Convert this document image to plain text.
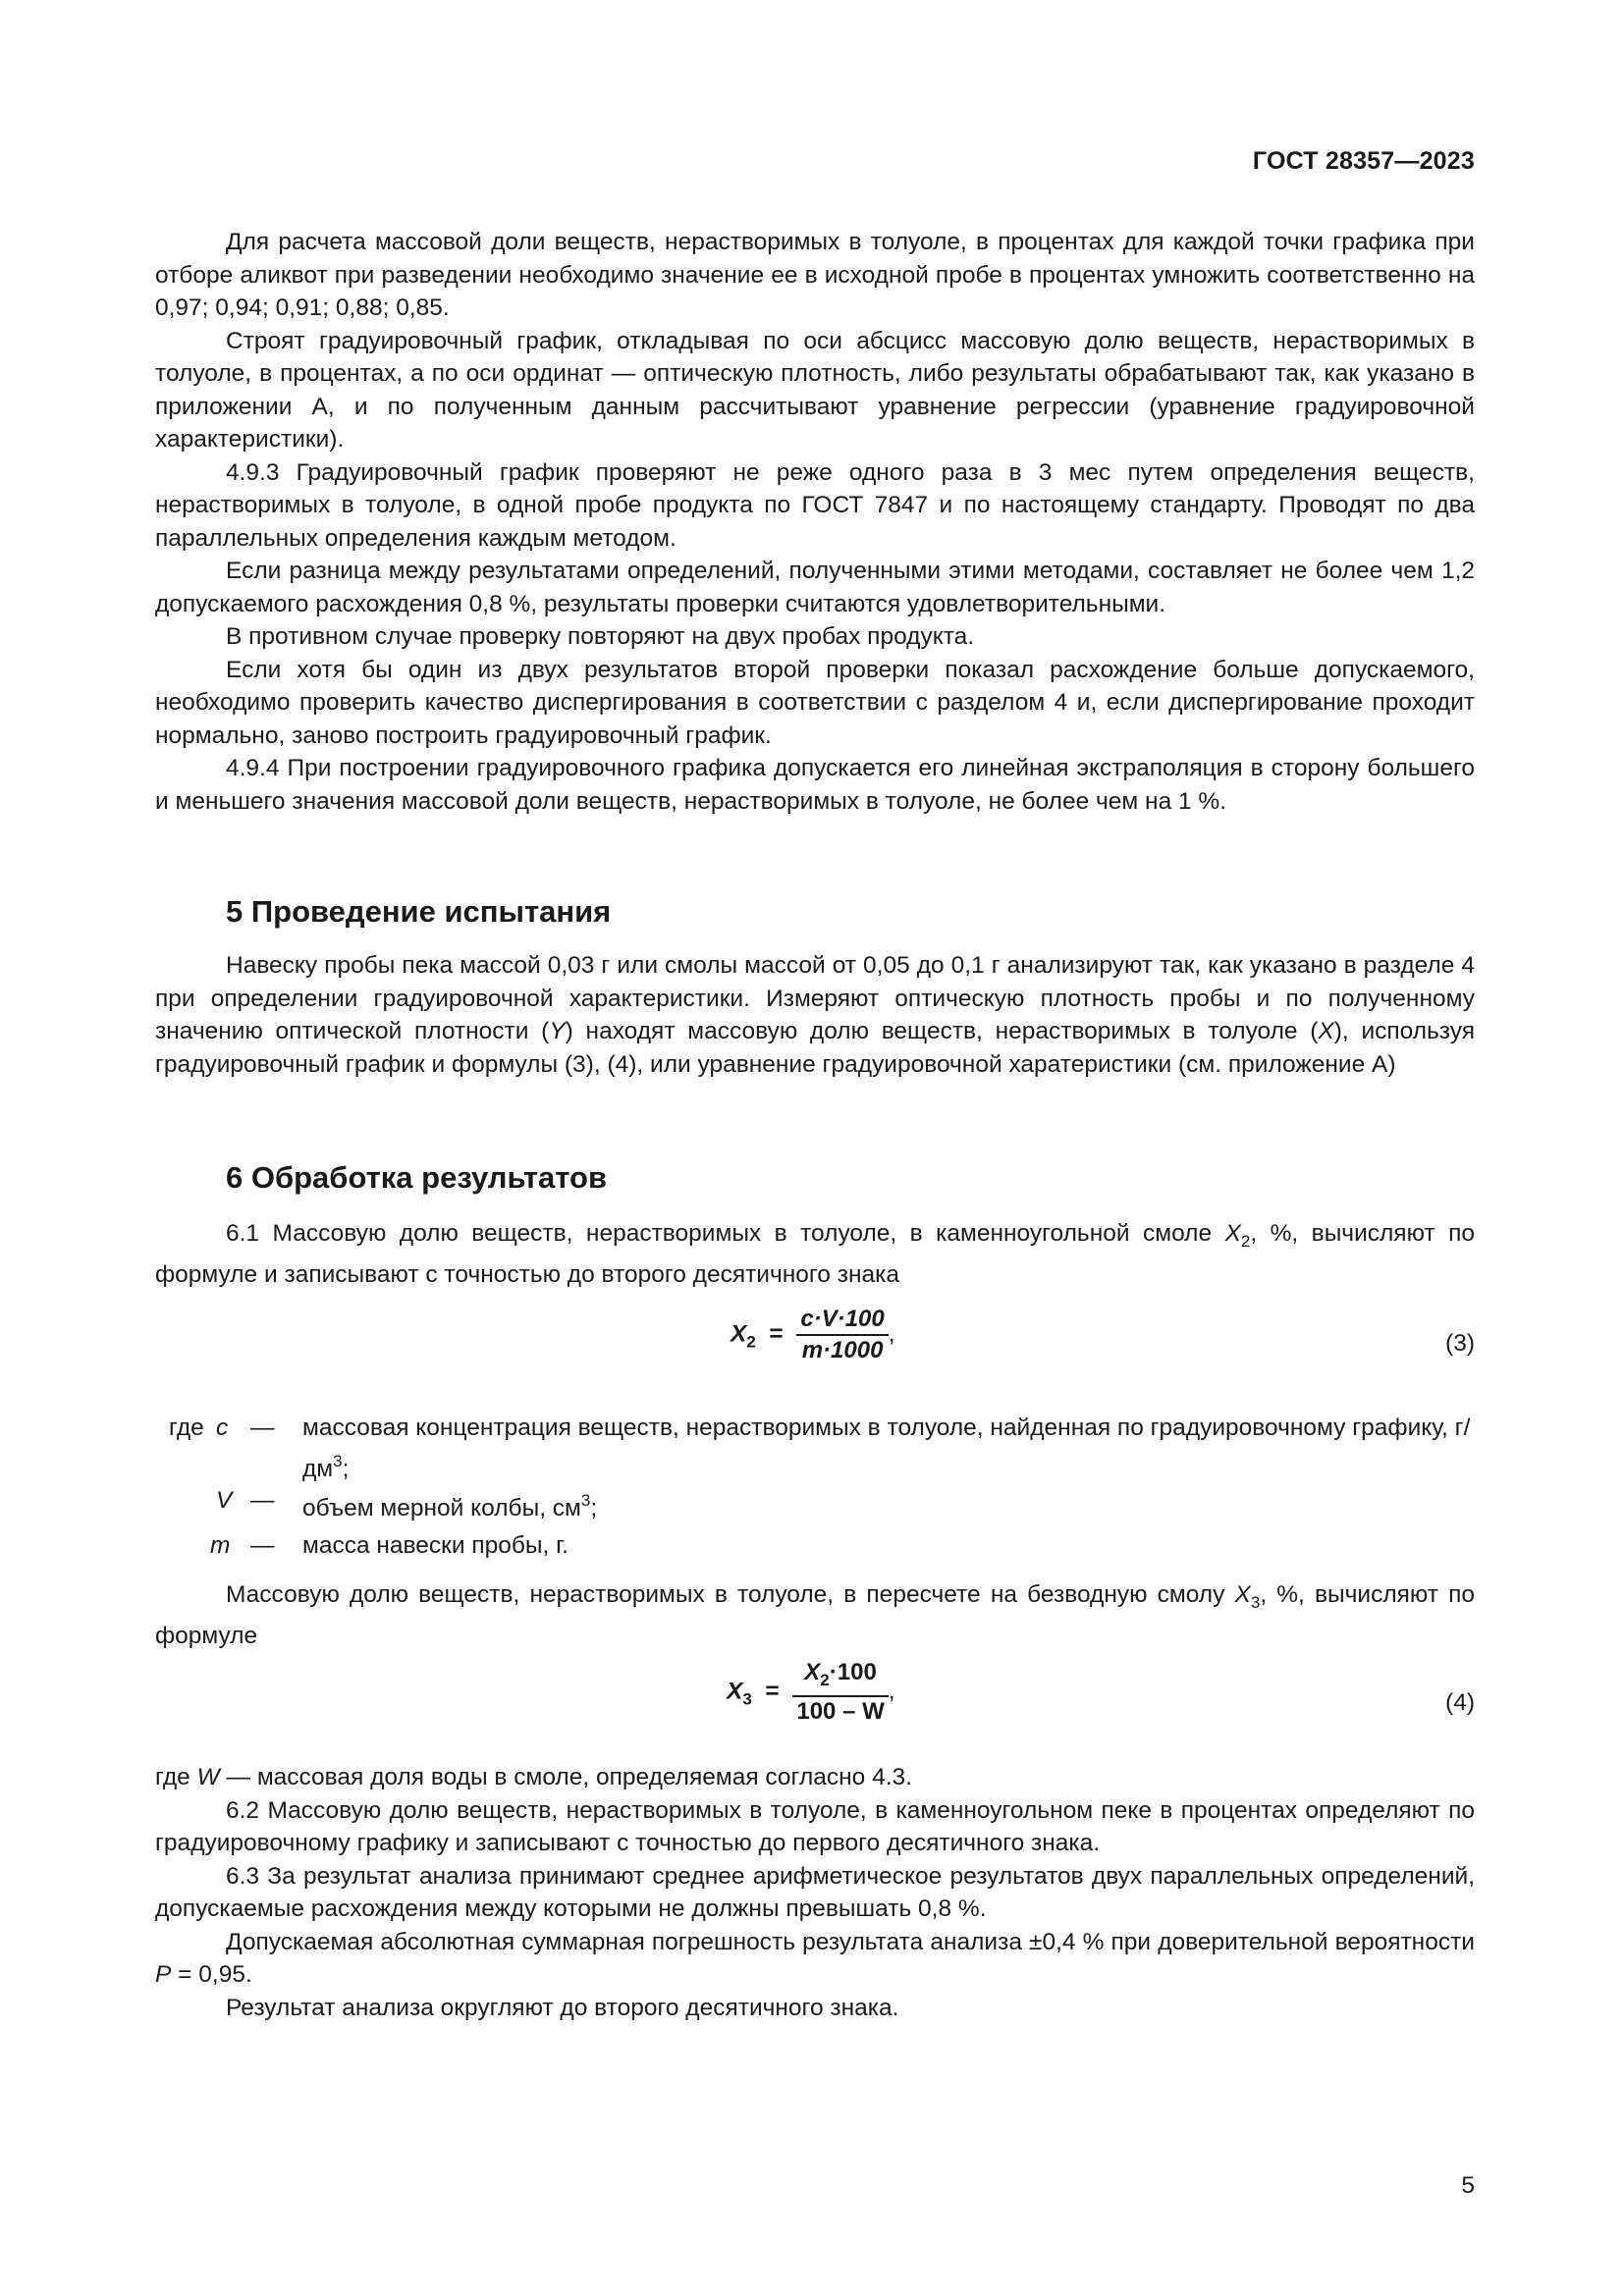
ГОСТ 28357—2023

Для расчета массовой доли веществ, нерастворимых в толуоле, в процентах для каждой точки графика при отборе аликвот при разведении необходимо значение ее в исходной пробе в процентах умножить соответственно на 0,97; 0,94; 0,91; 0,88; 0,85.

Строят градуировочный график, откладывая по оси абсцисс массовую долю веществ, нерастворимых в толуоле, в процентах, а по оси ординат — оптическую плотность, либо результаты обрабатывают так, как указано в приложении А, и по полученным данным рассчитывают уравнение регрессии (уравнение градуировочной характеристики).

4.9.3 Градуировочный график проверяют не реже одного раза в 3 мес путем определения веществ, нерастворимых в толуоле, в одной пробе продукта по ГОСТ 7847 и по настоящему стандарту. Проводят по два параллельных определения каждым методом.

Если разница между результатами определений, полученными этими методами, составляет не более чем 1,2 допускаемого расхождения 0,8 %, результаты проверки считаются удовлетворительными.

В противном случае проверку повторяют на двух пробах продукта.

Если хотя бы один из двух результатов второй проверки показал расхождение больше допускаемого, необходимо проверить качество диспергирования в соответствии с разделом 4 и, если диспергирование проходит нормально, заново построить градуировочный график.

4.9.4 При построении градуировочного графика допускается его линейная экстраполяция в сторону большего и меньшего значения массовой доли веществ, нерастворимых в толуоле, не более чем на 1 %.

5 Проведение испытания

Навеску пробы пека массой 0,03 г или смолы массой от 0,05 до 0,1 г анализируют так, как указано в разделе 4 при определении градуировочной характеристики. Измеряют оптическую плотность пробы и по полученному значению оптической плотности (Y) находят массовую долю веществ, нерастворимых в толуоле (X), используя градуировочный график и формулы (3), (4), или уравнение градуировочной харатеристики (см. приложение А)

6 Обработка результатов

6.1 Массовую долю веществ, нерастворимых в толуоле, в каменноугольной смоле $X_2$, %, вычисляют по формуле и записывают с точностью до второго десятичного знака

$X_2 = \frac{c\cdot V\cdot 100}{m\cdot 1000}$ ,	(3)
где c — массовая концентрация веществ, нерастворимых в толуоле, найденная по градуировочному графику, $г/дм^3$;
V — объем мерной колбы, $см^3$;
m — масса навески пробы, г.

Массовую долю веществ, нерастворимых в толуоле, в пересчете на безводную смолу $X_3$, %, вычисляют по формуле

$X_3 = \frac{X_2\cdot 100}{100 - W}$ ,	(4)

где W — массовая доля воды в смоле, определяемая согласно 4.3.

6.2 Массовую долю веществ, нерастворимых в толуоле, в каменноугольном пеке в процентах определяют по градуировочному графику и записывают с точностью до первого десятичного знака.

6.3 За результат анализа принимают среднее арифметическое результатов двух параллельных определений, допускаемые расхождения между которыми не должны превышать 0,8 %.

Допускаемая абсолютная суммарная погрешность результата анализа ±0,4 % при доверительной вероятности P = 0,95.

Результат анализа округляют до второго десятичного знака.

5
